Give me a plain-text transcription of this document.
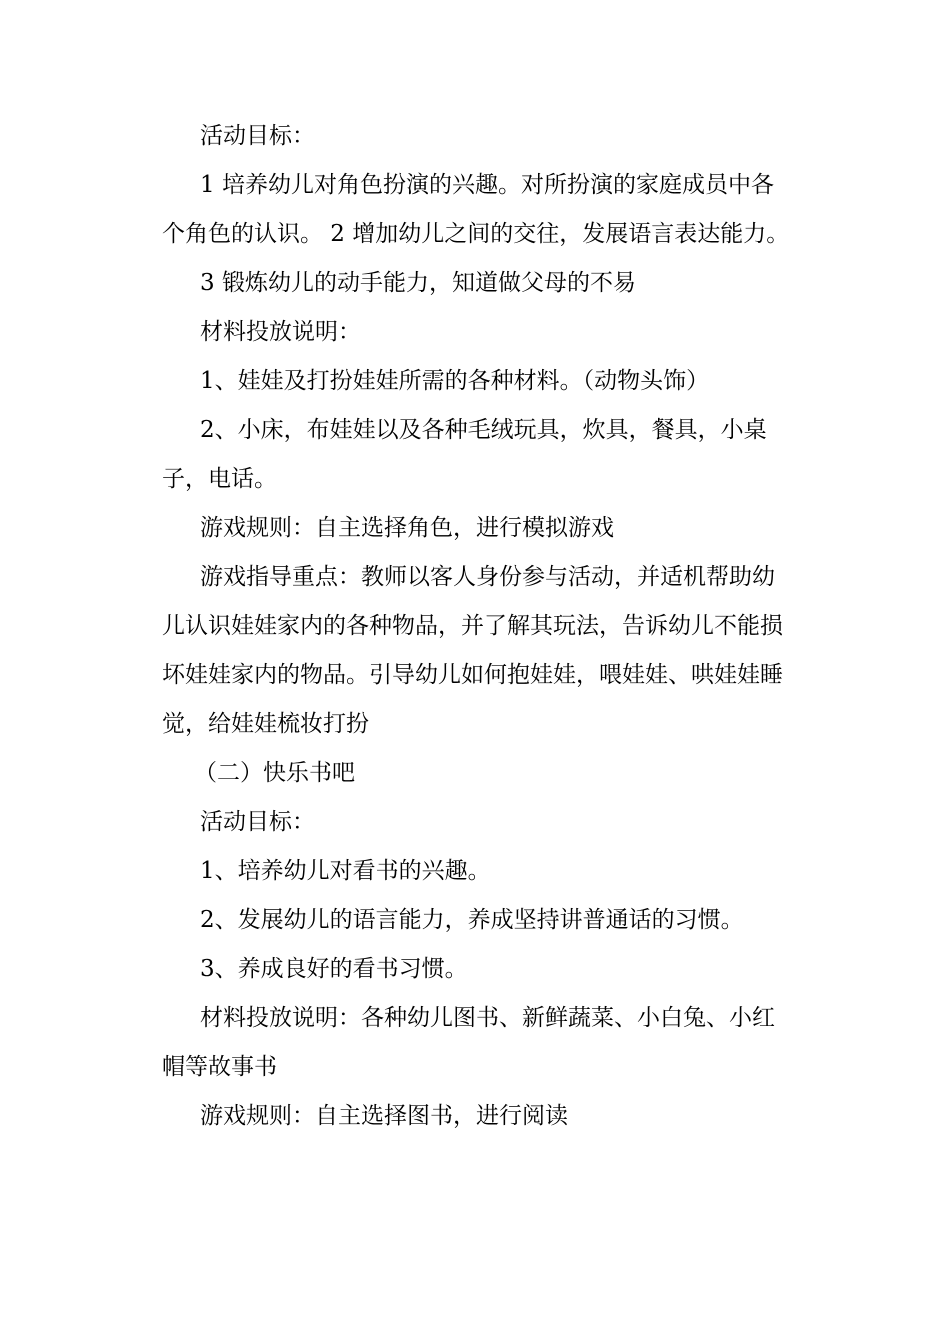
活动目标：

1 培养幼儿对角色扮演的兴趣。对所扮演的家庭成员中各个角色的认识。 2 增加幼儿之间的交往，发展语言表达能力。

3 锻炼幼儿的动手能力，知道做父母的不易

材料投放说明：

1、娃娃及打扮娃娃所需的各种材料。（动物头饰）

2、小床，布娃娃以及各种毛绒玩具，炊具，餐具，小桌子，电话。

游戏规则：自主选择角色，进行模拟游戏

游戏指导重点：教师以客人身份参与活动，并适机帮助幼儿认识娃娃家内的各种物品，并了解其玩法，告诉幼儿不能损坏娃娃家内的物品。引导幼儿如何抱娃娃，喂娃娃、哄娃娃睡觉，给娃娃梳妆打扮

（二）快乐书吧

活动目标：

1、培养幼儿对看书的兴趣。

2、发展幼儿的语言能力，养成坚持讲普通话的习惯。

3、养成良好的看书习惯。

材料投放说明：各种幼儿图书、新鲜蔬菜、小白兔、小红帽等故事书

游戏规则：自主选择图书，进行阅读
